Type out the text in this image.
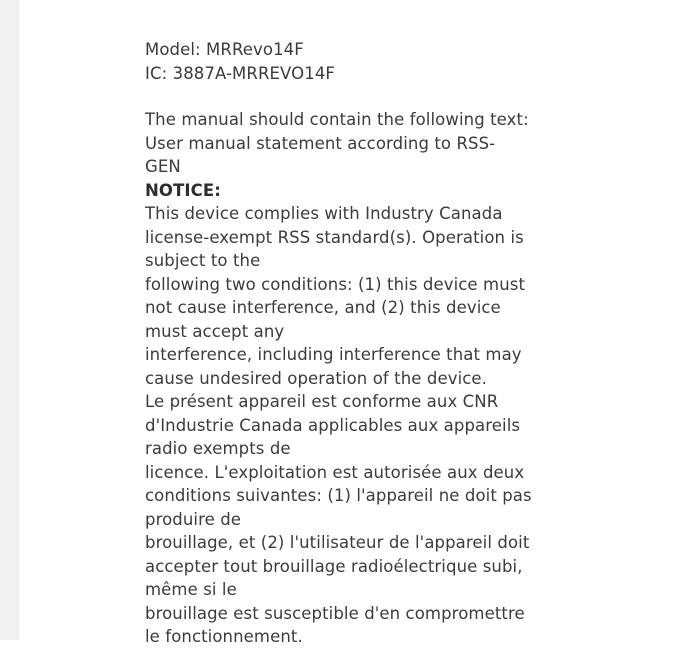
Model: MRRevo14F
IC: 3887A-MRREVO14F
The manual should contain the following text:
User manual statement according to RSS-
GEN
NOTICE:
This device complies with Industry Canada
license-exempt RSS standard(s). Operation is
subject to the
following two conditions: (1) this device must
not cause interference, and (2) this device
must accept any
interference, including interference that may
cause undesired operation of the device.
Le présent appareil est conforme aux CNR
d'Industrie Canada applicables aux appareils
radio exempts de
licence. L'exploitation est autorisée aux deux
conditions suivantes: (1) l'appareil ne doit pas
produire de
brouillage, et (2) l'utilisateur de l'appareil doit
accepter tout brouillage radioélectrique subi,
même si le
brouillage est susceptible d'en compromettre
le fonctionnement.
